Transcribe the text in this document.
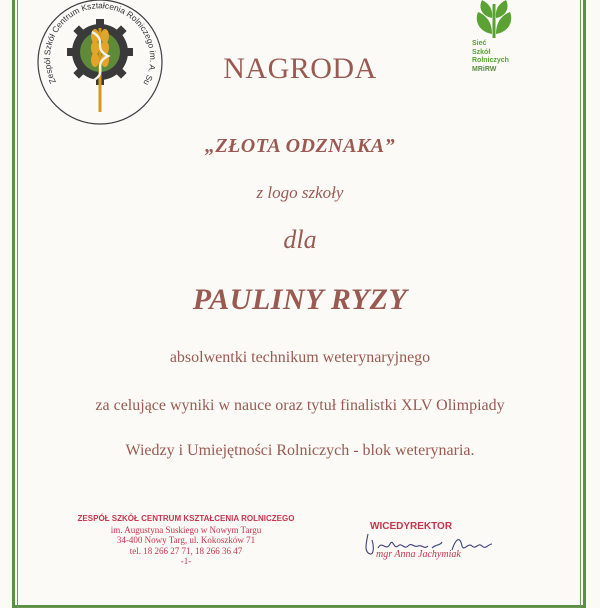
Zespół Szkół Centrum Kształcenia Rolniczego im. A. Su
Sieć
Szkół
Rolniczych
MRiRW
NAGRODA
„ZŁOTA ODZNAKA”
z logo szkoły
dla
PAULINY RYZY
absolwentki technikum weterynaryjnego
za celujące wyniki w nauce oraz tytuł finalistki XLV Olimpiady
Wiedzy i Umiejętności Rolniczych - blok weterynaria.
ZESPÓŁ SZKÓŁ CENTRUM KSZTAŁCENIA ROLNICZEGO
im. Augustyna Suskiego w Nowym Targu
34-400 Nowy Targ, ul. Kokoszków 71
tel. 18 266 27 71, 18 266 36 47
-1-
WICEDYREKTOR
mgr Anna Jachymiak
